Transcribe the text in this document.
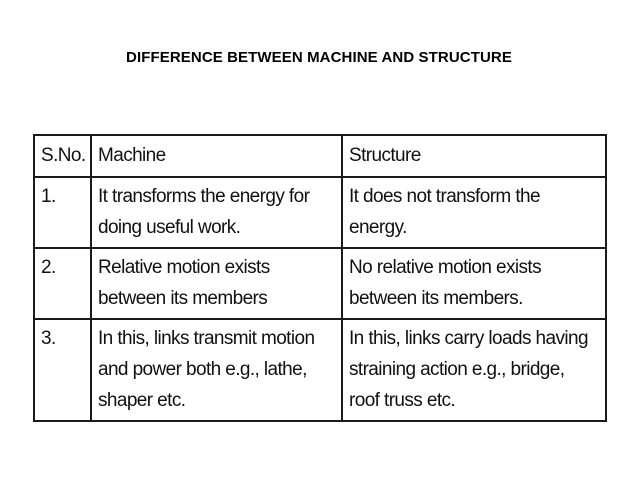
DIFFERENCE BETWEEN MACHINE AND STRUCTURE
S.No.	Machine	Structure

1.	It transforms the energy for doing useful work.	It does not transform the energy.

2.	Relative motion exists between its members	No relative motion exists between its members.

3.	In this, links transmit motion and power both e.g., lathe, shaper etc.	In this, links carry loads having straining action e.g., bridge, roof truss etc.
